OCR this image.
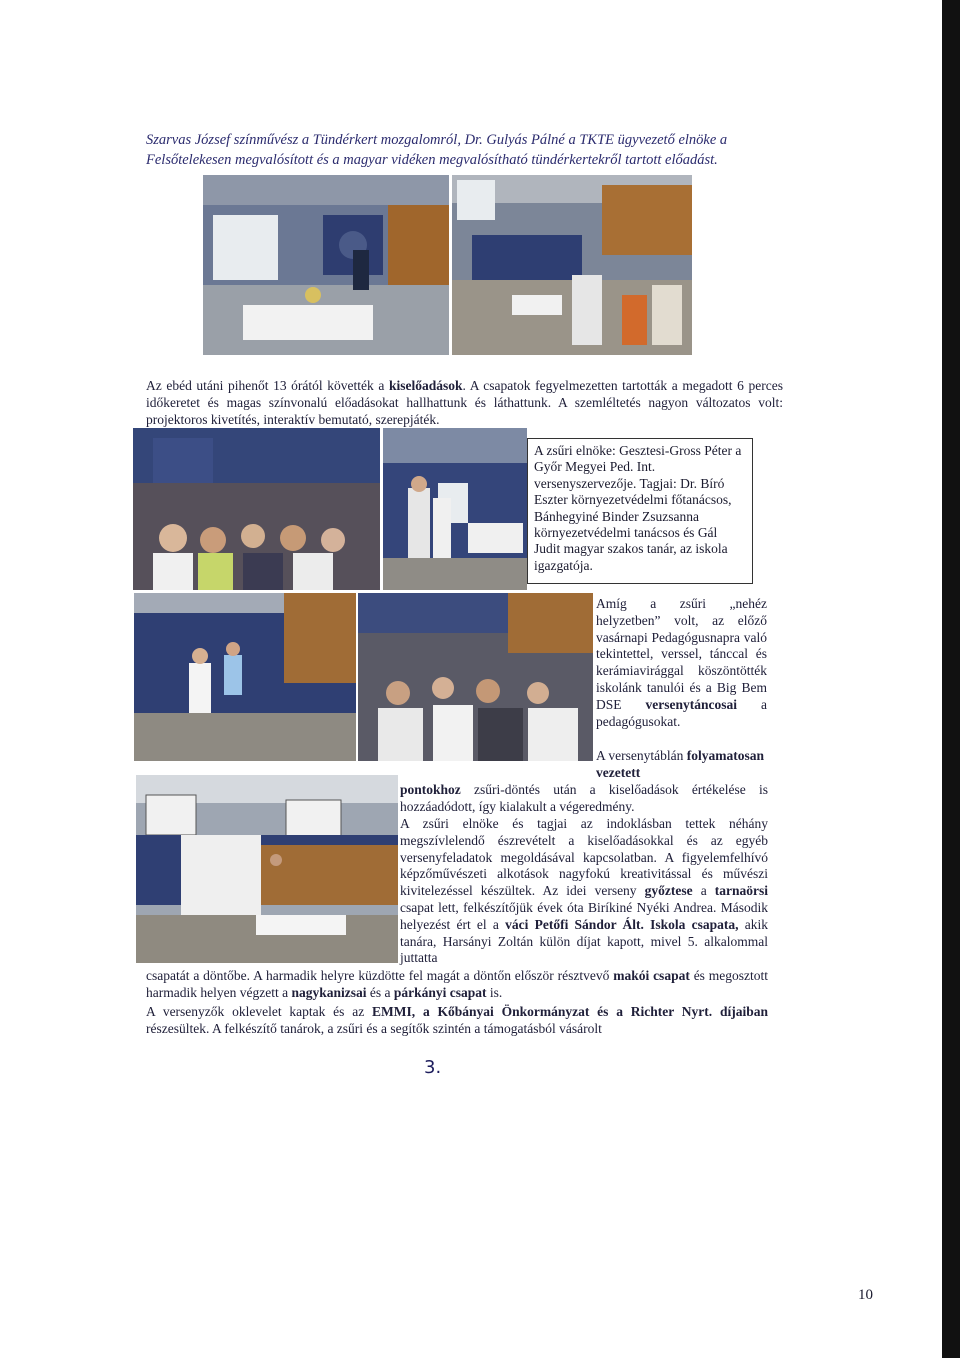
Szarvas József színművész a Tündérkert mozgalomról, Dr. Gulyás Pálné a TKTE ügyvezető elnöke a
Felsőtelekesen megvalósított és a magyar vidéken megvalósítható tündérkertekről tartott előadást.

Az ebéd utáni pihenőt 13 órától követték a kiselőadások. A csapatok fegyelmezetten tartották a megadott 6 perces időkeretet és magas színvonalú előadásokat hallhattunk és láthattunk. A szemléltetés nagyon változatos volt: projektoros kivetítés, interaktív bemutató, szerepjáték.

A zsűri elnöke: Gesztesi-Gross Péter a Győr Megyei Ped. Int. versenyszervezője. Tagjai: Dr. Bíró Eszter környezetvédelmi főtanácsos, Bánhegyiné Binder Zsuzsanna környezetvédelmi tanácsos és Gál Judit magyar szakos tanár, az iskola igazgatója.

Amíg a zsűri „nehéz helyzetben” volt, az előző vasárnapi Pedagógusnapra való tekintettel, verssel, tánccal és kerámiavirággal köszöntötték iskolánk tanulói és a Big Bem DSE versenytáncosai a pedagógusokat.

A versenytáblán folyamatosan vezetett

pontokhoz zsűri-döntés után a kiselőadások értékelése is hozzáadódott, így kialakult a végeredmény.

A zsűri elnöke és tagjai az indoklásban tettek néhány megszívlelendő észrevételt a kiselőadásokkal és az egyéb versenyfeladatok megoldásával kapcsolatban. A figyelemfelhívó képzőművészeti alkotások nagyfokú kreativitással és művészi kivitelezéssel készültek. Az idei verseny győztese a tarnaörsi csapat lett, felkészítőjük évek óta Biríkiné Nyéki Andrea. Második helyezést ért el a váci Petőfi Sándor Ált. Iskola csapata, akik tanára, Harsányi Zoltán külön díjat kapott, mivel 5. alkalommal juttatta

csapatát a döntőbe. A harmadik helyre küzdötte fel magát a döntőn először résztvevő makói csapat és megosztott harmadik helyen végzett a nagykanizsai és a párkányi csapat is.

A versenyzők oklevelet kaptak és az EMMI, a Kőbányai Önkormányzat és a Richter Nyrt. díjaiban részesültek. A felkészítő tanárok, a zsűri és a segítők szintén a támogatásból vásárolt

3.
10
